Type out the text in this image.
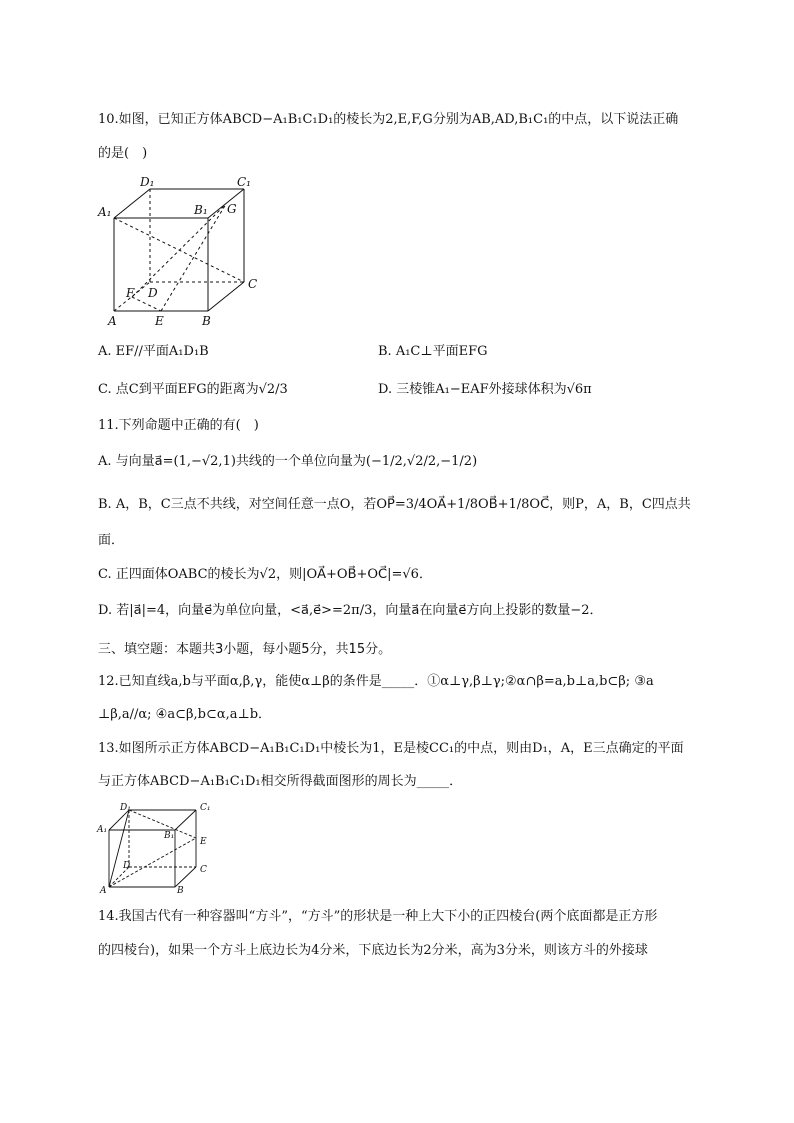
10.如图，已知正方体ABCD−A₁B₁C₁D₁的棱长为2,E,F,G分别为AB,AD,B₁C₁的中点，以下说法正确
的是(　)
D₁	C₁
A₁	B₁ G
C
F D
A	E	B
A. EF//平面A₁D₁B	B. A₁C⊥平面EFG
C. 点C到平面EFG的距离为√2/3	D. 三棱锥A₁−EAF外接球体积为√6π
11.下列命题中正确的有(　)
A. 与向量a⃗=(1,−√2,1)共线的一个单位向量为(−1/2,√2/2,−1/2)
B. A，B，C三点不共线，对空间任意一点O，若OP⃗=3/4OA⃗+1/8OB⃗+1/8OC⃗，则P，A，B，C四点共
面．
C. 正四面体OABC的棱长为√2，则|OA⃗+OB⃗+OC⃗|=√6．
D. 若|a⃗|=4，向量e⃗为单位向量，<a⃗,e⃗>=2π/3，向量a⃗在向量e⃗方向上投影的数量−2．
三、填空题：本题共3小题，每小题5分，共15分。
12.已知直线a,b与平面α,β,γ，能使α⊥β的条件是_____．①α⊥γ,β⊥γ;②α∩β=a,b⊥a,b⊂β; ③a
⊥β,a//α; ④a⊂β,b⊂α,a⊥b．
13.如图所示正方体ABCD−A₁B₁C₁D₁中棱长为1，E是棱CC₁的中点，则由D₁，A，E三点确定的平面
与正方体ABCD−A₁B₁C₁D₁相交所得截面图形的周长为_____．
D₁	C₁
A₁
B₁
E
D	C
A	B
14.我国古代有一种容器叫“方斗”，“方斗”的形状是一种上大下小的正四棱台(两个底面都是正方形
的四棱台)，如果一个方斗上底边长为4分米，下底边长为2分米，高为3分米，则该方斗的外接球
